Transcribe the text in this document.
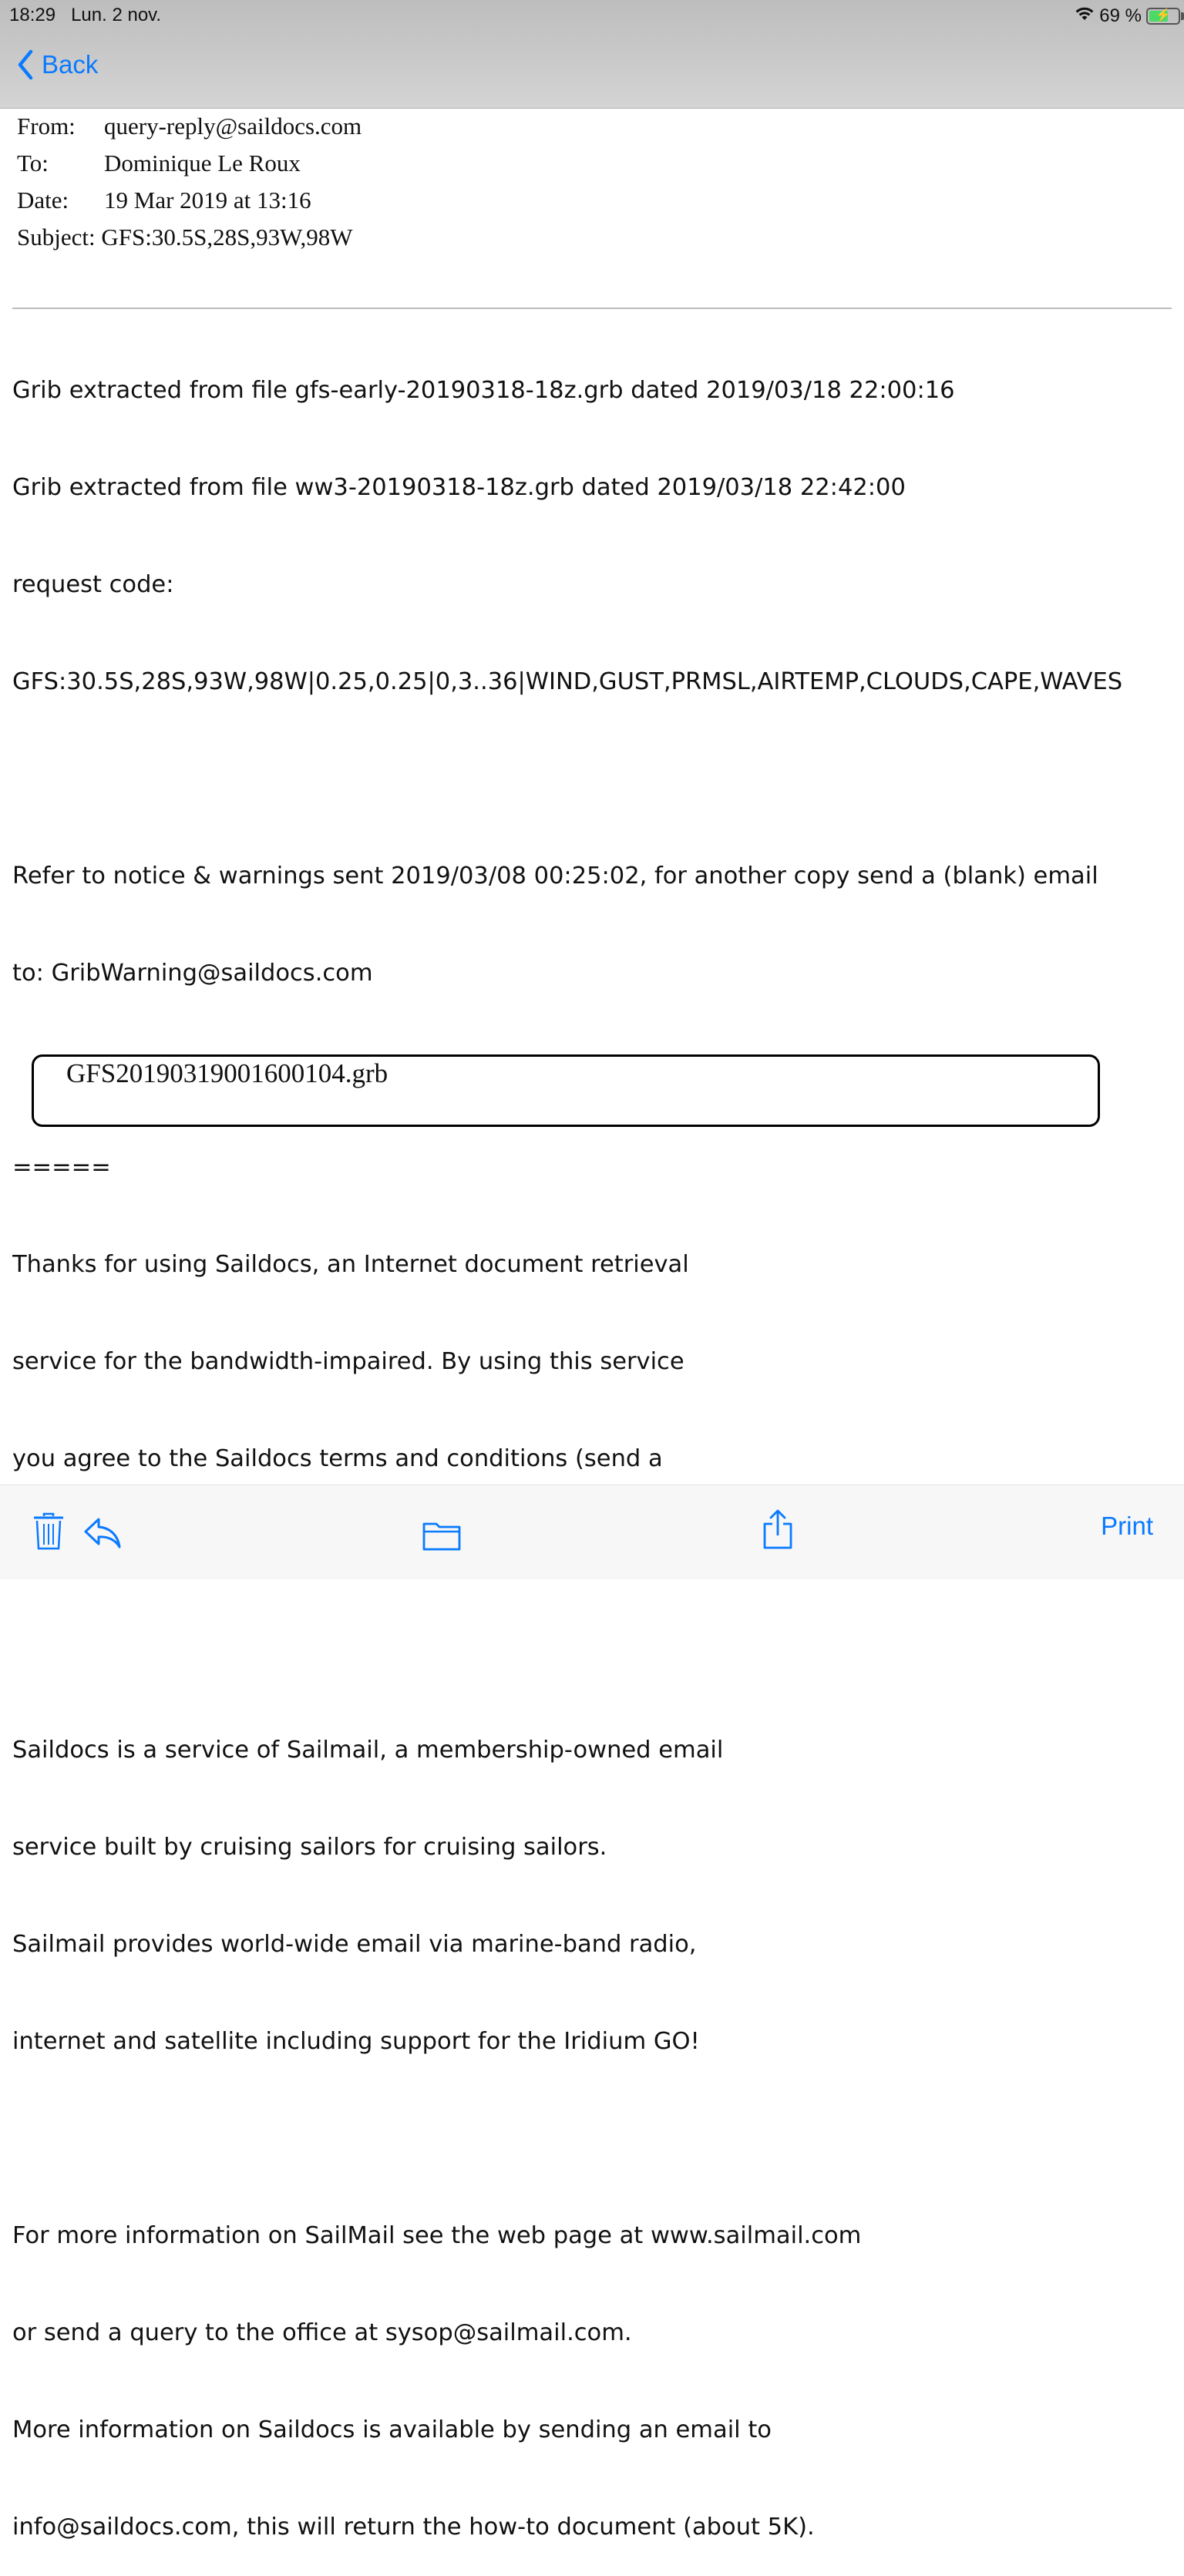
18:29 Lun. 2 nov.	69 % ⚡
Back
From:	query-reply@saildocs.com
To:	Dominique Le Roux
Date:	19 Mar 2019 at 13:16
Subject:
GFS:30.5S,28S,93W,98W

Grib extracted from file gfs-early-20190318-18z.grb dated 2019/03/18 22:00:16

Grib extracted from file ww3-20190318-18z.grb dated 2019/03/18 22:42:00

request code:

GFS:30.5S,28S,93W,98W|0.25,0.25|0,3..36|WIND,GUST,PRMSL,AIRTEMP,CLOUDS,CAPE,WAVES

Refer to notice & warnings sent 2019/03/08 00:25:02, for another copy send a (blank) email

to: GribWarning@saildocs.com

=====

Thanks for using Saildocs, an Internet document retrieval

service for the bandwidth-impaired. By using this service

you agree to the Saildocs terms and conditions (send a

Saildocs is a service of Sailmail, a membership-owned email

service built by cruising sailors for cruising sailors.

Sailmail provides world-wide email via marine-band radio,

internet and satellite including support for the Iridium GO!

For more information on SailMail see the web page at www.sailmail.com

or send a query to the office at sysop@sailmail.com.

More information on Saildocs is available by sending an email to

info@saildocs.com, this will return the how-to document (about 5K).

GFS20190319001600104.grb
Print
